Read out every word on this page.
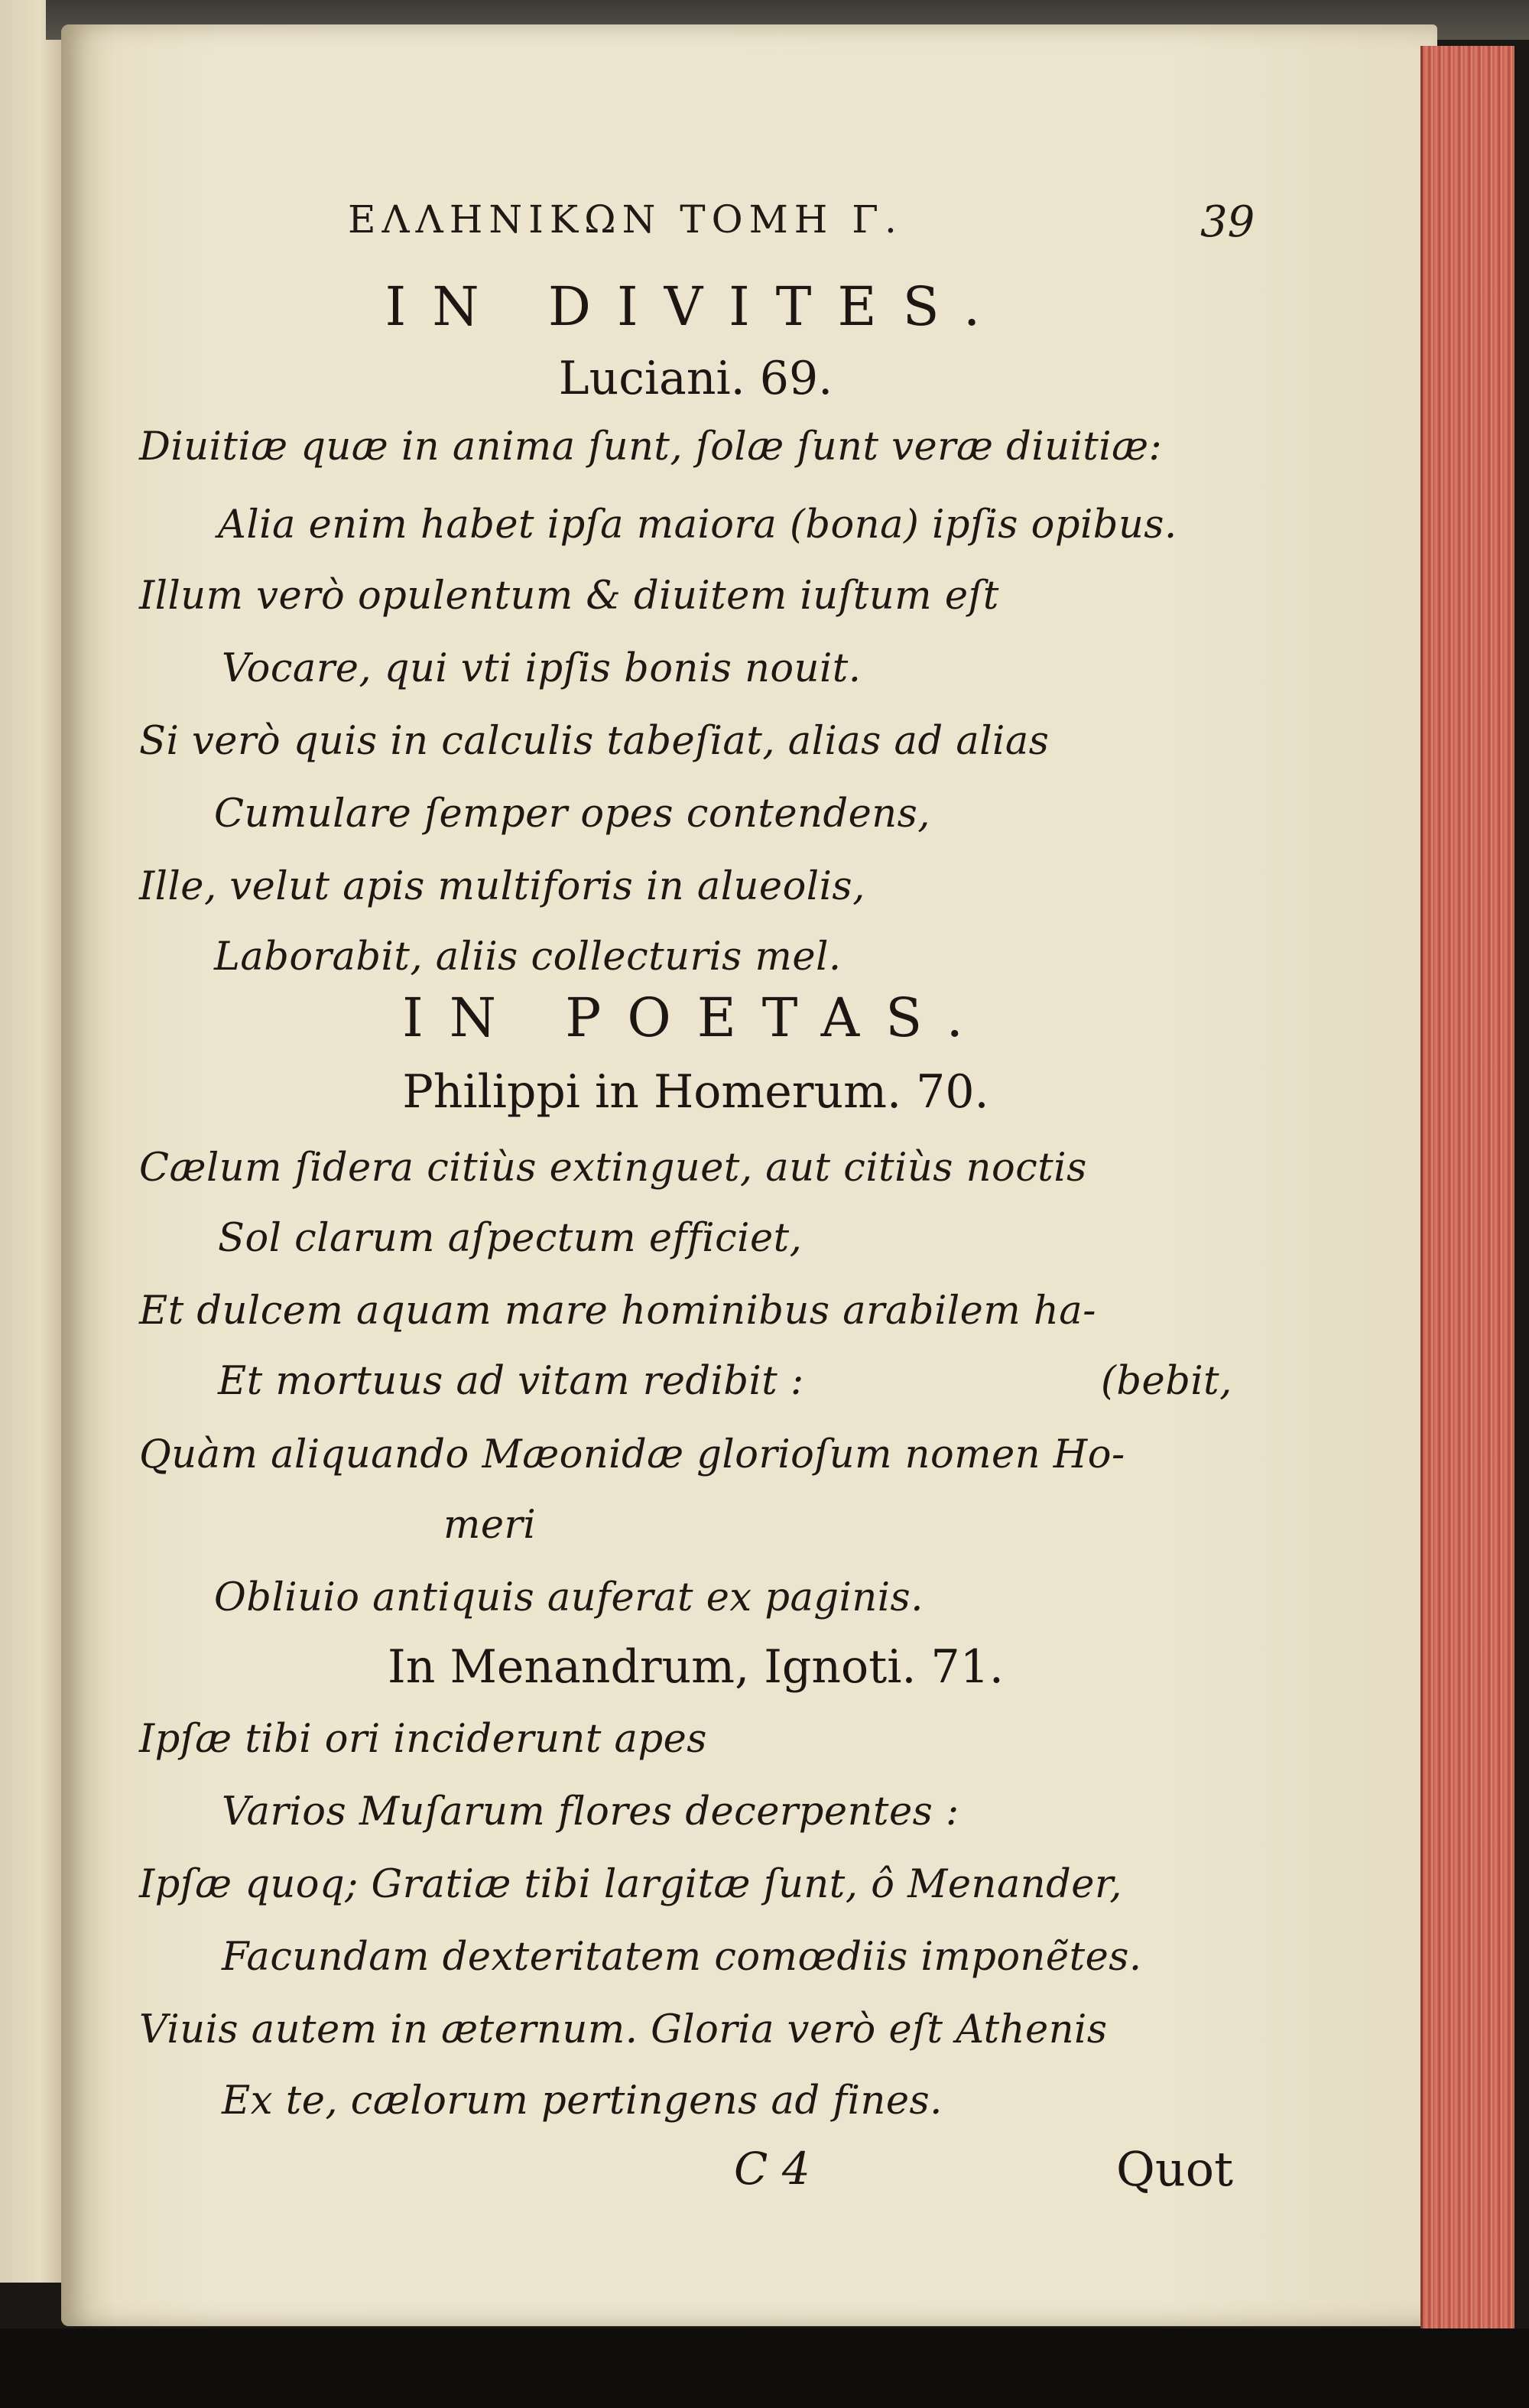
ΕΛΛΗΝΙΚΩΝ ΤΟΜΗ Γ.	39
IN DIVITES.
Luciani. 69.
Diuitiæ quæ in anima ſunt, ſolæ ſunt veræ diuitiæ:
Alia enim habet ipſa maiora (bona) ipſis opibus.
Illum verò opulentum & diuitem iuſtum eſt
Vocare, qui vti ipſis bonis nouit.
Si verò quis in calculis tabeſiat, alias ad alias
Cumulare ſemper opes contendens,
Ille, velut apis multiforis in alueolis,
Laborabit, aliis collecturis mel.
IN POETAS.
Philippi in Homerum. 70.
Cælum ſidera citiùs extinguet, aut citiùs noctis
Sol clarum aſpectum efficiet,
Et dulcem aquam mare hominibus arabilem ha-
Et mortuus ad vitam redibit :	(bebit,
Quàm aliquando Mæonidæ glorioſum nomen Ho-
meri
Obliuio antiquis auferat ex paginis.
In Menandrum, Ignoti. 71.
Ipſæ tibi ori inciderunt apes
Varios Muſarum flores decerpentes :
Ipſæ quoq; Gratiæ tibi largitæ ſunt, ô Menander,
Facundam dexteritatem comœdiis imponẽtes.
Viuis autem in æternum. Gloria verò eſt Athenis
Ex te, cælorum pertingens ad fines.
C 4	Quot
